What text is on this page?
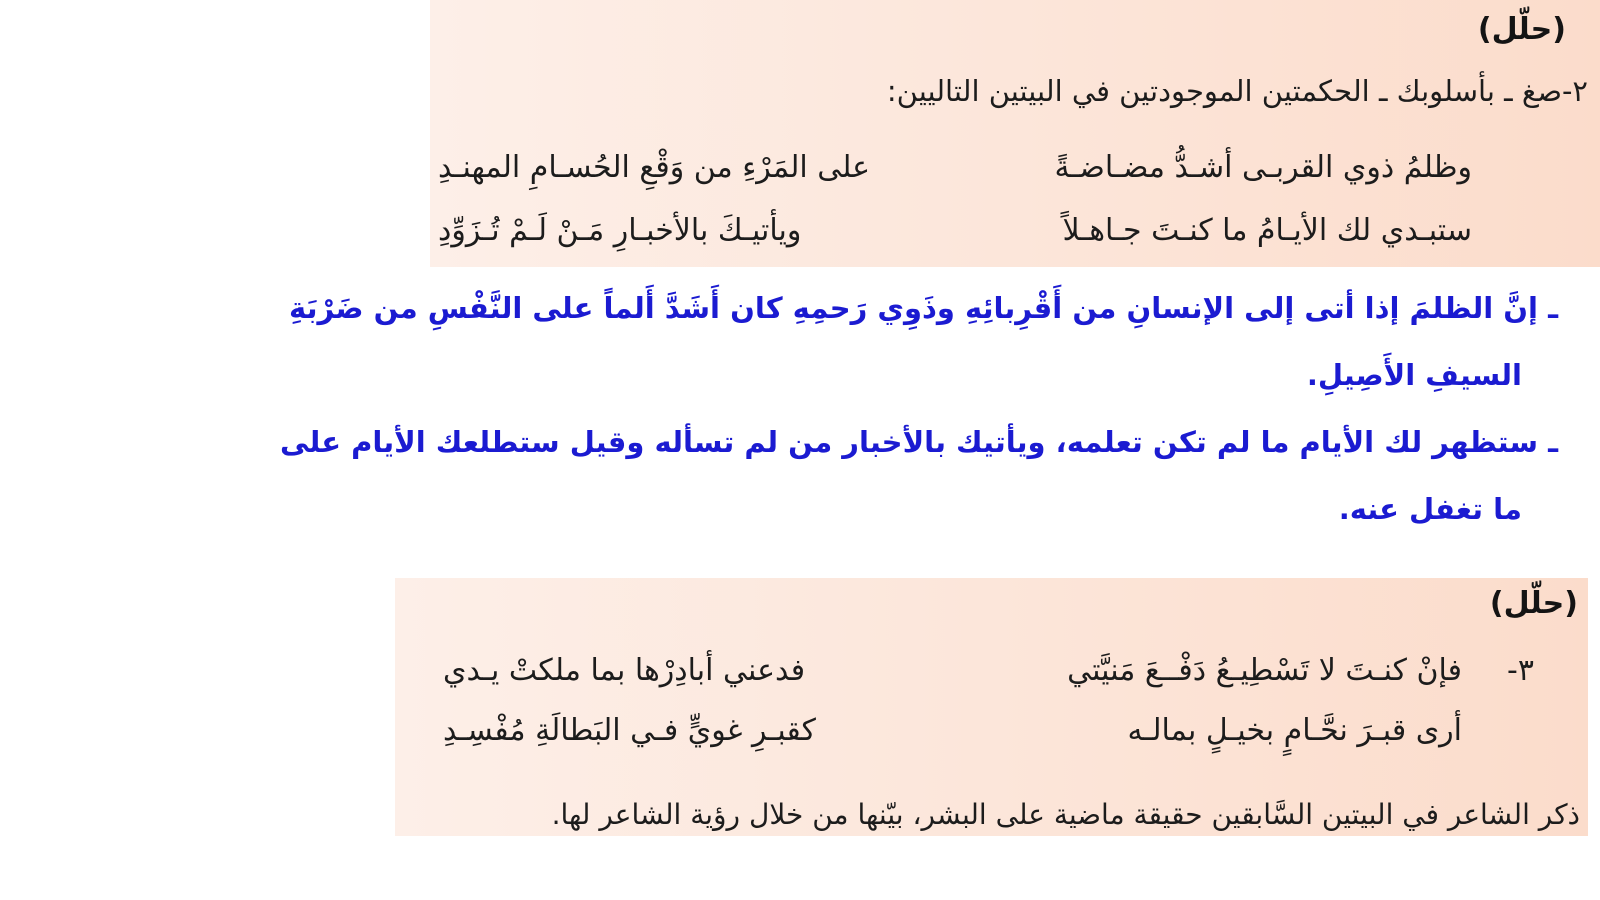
(حلّل)
٢-صغ ـ بأسلوبك ـ الحكمتين الموجودتين في البيتين التاليين:
وظلمُ ذوي القربـى أشـدُّ مضـاضـةً
على المَرْءِ من وَقْعِ الحُسـامِ المهنـدِ
ستبـدي لك الأيـامُ ما كنـتَ جـاهـلاً
ويأتيـكَ بالأخبـارِ مَـنْ لَـمْ تُـزَوِّدِ
ـ إنَّ الظلمَ إذا أتى إلى الإنسانِ من أَقْرِبائِهِ وذَوِي رَحمِهِ كان أَشَدَّ أَلماً على النَّفْسِ من ضَرْبَةِ
السيفِ الأَصِيلِ.
ـ ستظهر لك الأيام ما لم تكن تعلمه، ويأتيك بالأخبار من لم تسأله وقيل ستطلعك الأيام على
ما تغفل عنه.
(حلّل)
٣-
فإنْ كنـتَ لا تَسْطِيـعُ دَفْــعَ مَنيَّتي
فدعني أبادِرْها بما ملكتْ يـدي
أرى قبـرَ نحَّـامٍ بخيـلٍ بمالـه
كقبـرِ غويٍّ فـي البَطالَةِ مُفْسِـدِ
ذكر الشاعر في البيتين السَّابقين حقيقة ماضية على البشر، بيّنها من خلال رؤية الشاعر لها.
